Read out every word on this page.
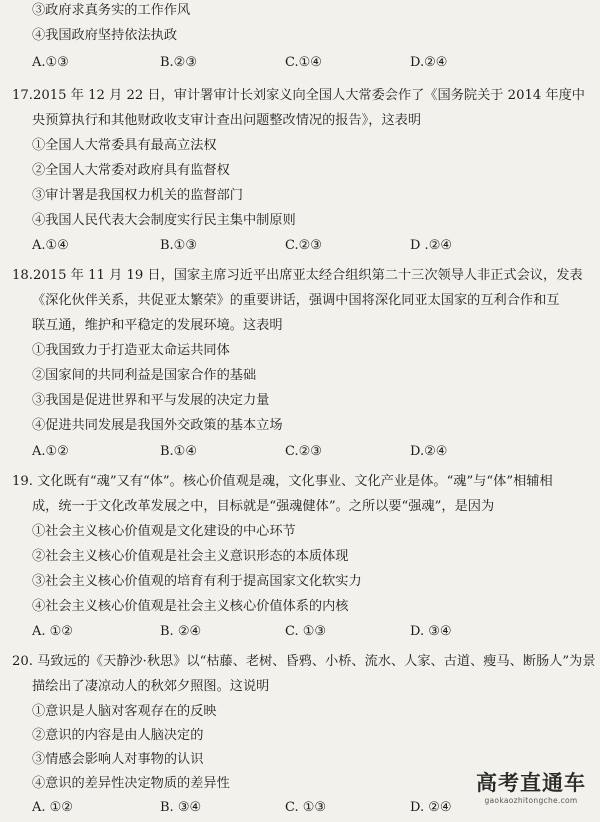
③政府求真务实的工作作风
④我国政府坚持依法执政
A.①③	B.②③	C.①④	D.②④
17.2015 年 12 月 22 日，审计署审计长刘家义向全国人大常委会作了《国务院关于 2014 年度中
央预算执行和其他财政收支审计查出问题整改情况的报告》，这表明
①全国人大常委具有最高立法权
②全国人大常委对政府具有监督权
③审计署是我国权力机关的监督部门
④我国人民代表大会制度实行民主集中制原则
A.①④	B.①③	C.②③	D .②④
18.2015 年 11 月 19 日，国家主席习近平出席亚太经合组织第二十三次领导人非正式会议，发表
《深化伙伴关系，共促亚太繁荣》的重要讲话，强调中国将深化同亚太国家的互利合作和互
联互通，维护和平稳定的发展环境。这表明
①我国致力于打造亚太命运共同体
②国家间的共同利益是国家合作的基础
③我国是促进世界和平与发展的决定力量
④促进共同发展是我国外交政策的基本立场
A.①②	B.①④	C.②③	D.②④
19. 文化既有“魂”又有“体”。核心价值观是魂，文化事业、文化产业是体。“魂”与“体”相辅相
成，统一于文化改革发展之中，目标就是“强魂健体”。之所以要“强魂”，是因为
①社会主义核心价值观是文化建设的中心环节
②社会主义核心价值观是社会主义意识形态的本质体现
③社会主义核心价值观的培育有利于提高国家文化软实力
④社会主义核心价值观是社会主义核心价值体系的内核
A. ①②	B. ②④	C. ①③	D. ③④
20. 马致远的《天静沙·秋思》以“枯藤、老树、昏鸦、小桥、流水、人家、古道、瘦马、断肠人”为景
描绘出了凄凉动人的秋郊夕照图。这说明
①意识是人脑对客观存在的反映
②意识的内容是由人脑决定的
③情感会影响人对事物的认识
④意识的差异性决定物质的差异性
A. ①②	B. ③④	C. ①③	D. ②④
高考直通车
gaokaozhitongche.com
